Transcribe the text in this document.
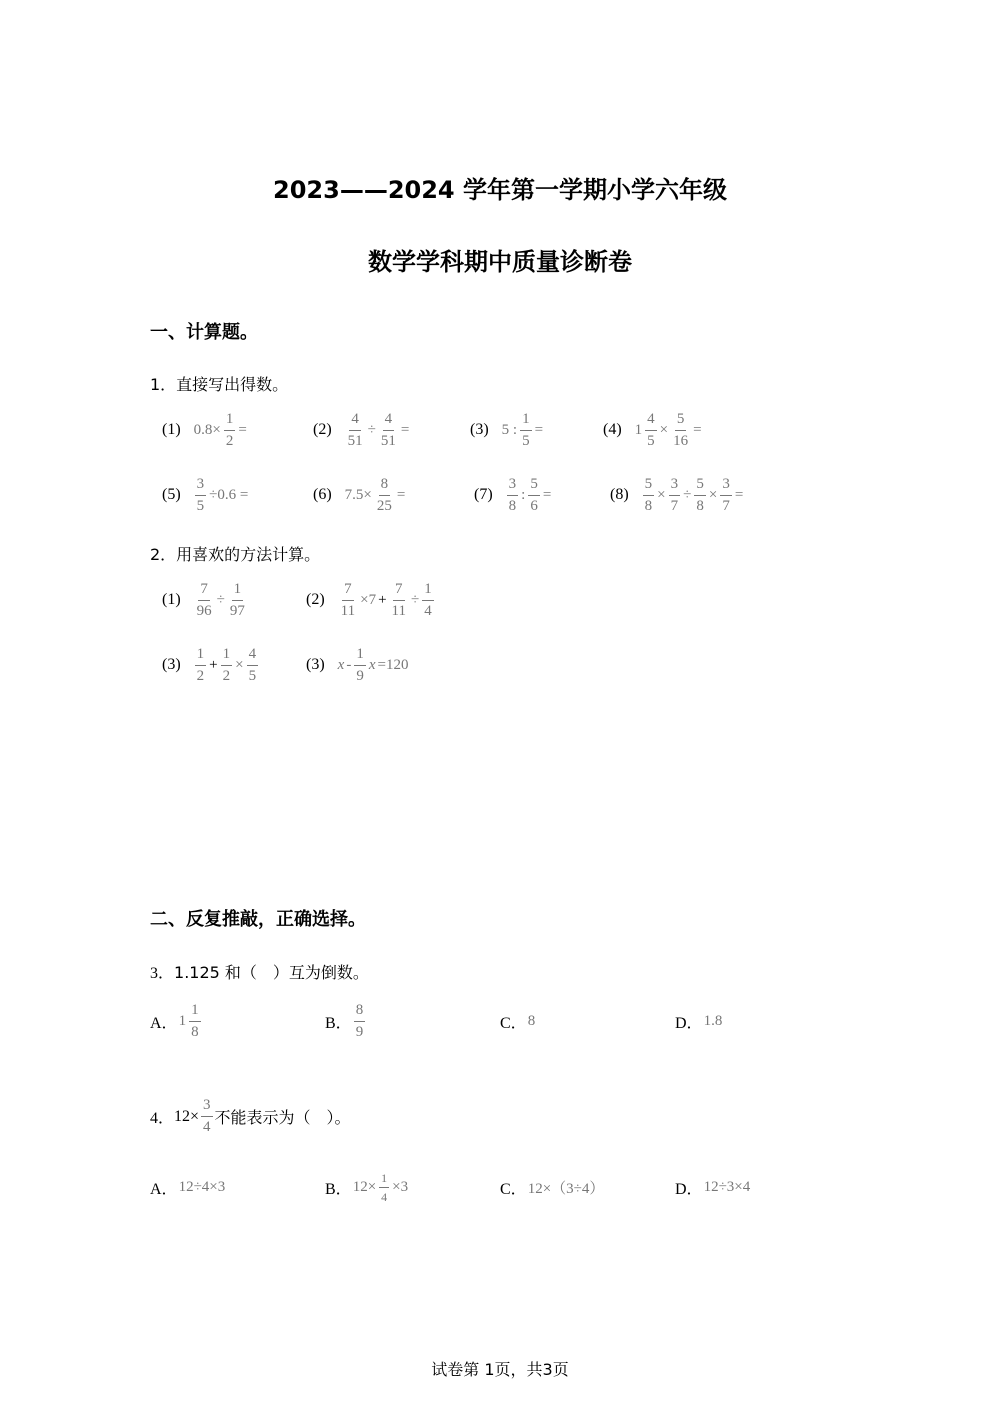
2023——2024 学年第一学期小学六年级
数学学科期中质量诊断卷
一、计算题。
1．直接写出得数。
(1) $0.8\times \frac{1}{2}$ =	$(2) \frac{4}{51} \div \frac{4}{51}$ =	(3) 5 : $\frac{1}{5}$ =	(4) $1 \frac{4}{5} \times \frac{5}{16}$ =
$(5) \frac{3}{5} \div 0.6$ =	(6) $7.5\times \frac{8}{25}$ =	$(7) \frac{3}{8}$ : $\frac{5}{6}$ =	$(8) \frac{5}{8} \times \frac{3}{7} \div \frac{5}{8} \times \frac{3}{7}$ =
2．用喜欢的方法计算。
$(1) \frac{7}{96} \div \frac{1}{97}$	$(2) \frac{7}{11} \times 7 + \frac{7}{11} \div \frac{1}{4}$
$(3) \frac{1}{2} + \frac{1}{2} \times \frac{4}{5}$	(3) x - $\frac{1}{9}$ x =120
二、反复推敲，正确选择。
3．1.125 和（　）互为倒数。
A． $1 \frac{1}{8}$	B． $\frac{8}{9}$	C． 8	D． 1.8
4． $12\times \frac{3}{4}$ 不能表示为（　）。
A． 12÷4×3	B． $12\times \frac{1}{4} \times 3$	C． 12×（3÷4）	D． 12÷3×4
试卷第 1页，共3页
